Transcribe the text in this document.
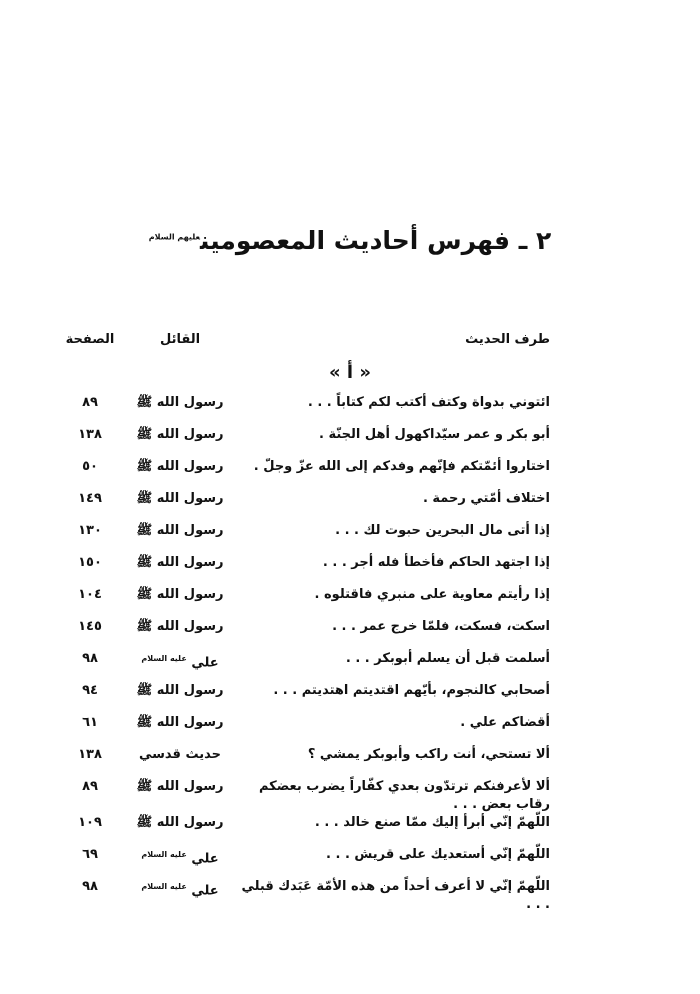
٢ ـ فهرس أحاديث المعصومين$^{عليهم السلام}$
طرف الحديث
القائل
الصفحة
« أ »
ائتوني بدواة وكتف أكتب لكم كتاباً . . .
رسول الله ﷺ
٨٩
أبو بكر و عمر سيّداكهول أهل الجنّة .
رسول الله ﷺ
١٣٨
اختاروا أئمّتكم فإنّهم وفدكم إلى الله عزّ وجلّ .
رسول الله ﷺ
٥٠
اختلاف أمّتي رحمة .
رسول الله ﷺ
١٤٩
إذا أتى مال البحرين حبوت لك . . .
رسول الله ﷺ
١٣٠
إذا اجتهد الحاكم فأخطأ فله أجر . . .
رسول الله ﷺ
١٥٠
إذا رأيتم معاوية على منبري فاقتلوه .
رسول الله ﷺ
١٠٤
اسكت، فسكت، فلمّا خرج عمر . . .
رسول الله ﷺ
١٤٥
أسلمت قبل أن يسلم أبوبكر . . .
علي $^{عليه السلام}$
٩٨
أصحابي كالنجوم، بأيّهم اقتديتم اهتديتم . . .
رسول الله ﷺ
٩٤
أقضاكم علي .
رسول الله ﷺ
٦١
ألا تستحي، أنت راكب وأبوبكر يمشي ؟
حديث قدسي
١٣٨
ألا لأعرفنكم ترتدّون بعدي كفّاراً يضرب بعضكم رقاب بعض . . .
رسول الله ﷺ
٨٩
اللّهمّ إنّي أبرأ إليك ممّا صنع خالد . . .
رسول الله ﷺ
١٠٩
اللّهمّ إنّي أستعديك على قريش . . .
علي $^{عليه السلام}$
٦٩
اللّهمّ إنّي لا أعرف أحداً من هذه الأمّة عَبَدك قبلي . . .
علي $^{عليه السلام}$
٩٨
